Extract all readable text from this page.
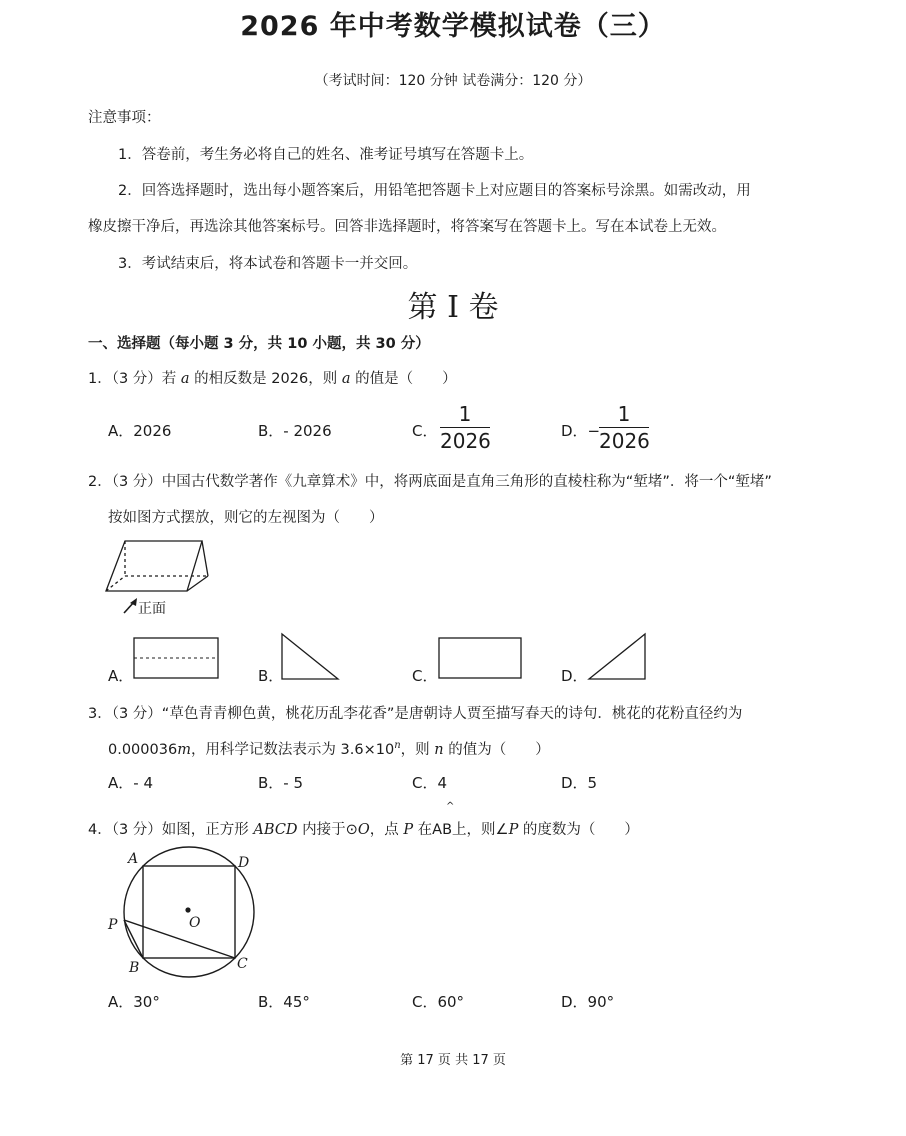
2026 年中考数学模拟试卷（三）
（考试时间：120 分钟 试卷满分：120 分）
注意事项：
1．答卷前，考生务必将自己的姓名、准考证号填写在答题卡上。
2．回答选择题时，选出每小题答案后，用铅笔把答题卡上对应题目的答案标号涂黑。如需改动，用
橡皮擦干净后，再选涂其他答案标号。回答非选择题时，将答案写在答题卡上。写在本试卷上无效。
3．考试结束后，将本试卷和答题卡一并交回。
第 I 卷
一、选择题（每小题 3 分，共 10 小题，共 30 分）
1．（3 分）若 a 的相反数是 2026，则 a 的值是（　　）
A．2026	B．- 2026	C．
1
2026	D．−
1
2026
2．（3 分）中国古代数学著作《九章算术》中，将两底面是直角三角形的直棱柱称为“堑堵”．将一个“堑堵”
按如图方式摆放，则它的左视图为（　　）
正面
A．	B．	C．	D．
3．（3 分）“草色青青柳色黄，桃花历乱李花香”是唐朝诗人贾至描写春天的诗句．桃花的花粉直径约为
0.000036m，用科学记数法表示为 $3.6\times 10^n$，则 n 的值为（　　）
A．- 4	B．- 5	C．4	D．5
^
4．（3 分）如图，正方形 ABCD 内接于⊙O，点 P 在AB上，则∠P 的度数为（　　）
A	D
O
P
B	C
A．30°	B．45°	C．60°	D．90°
第 17 页 共 17 页
